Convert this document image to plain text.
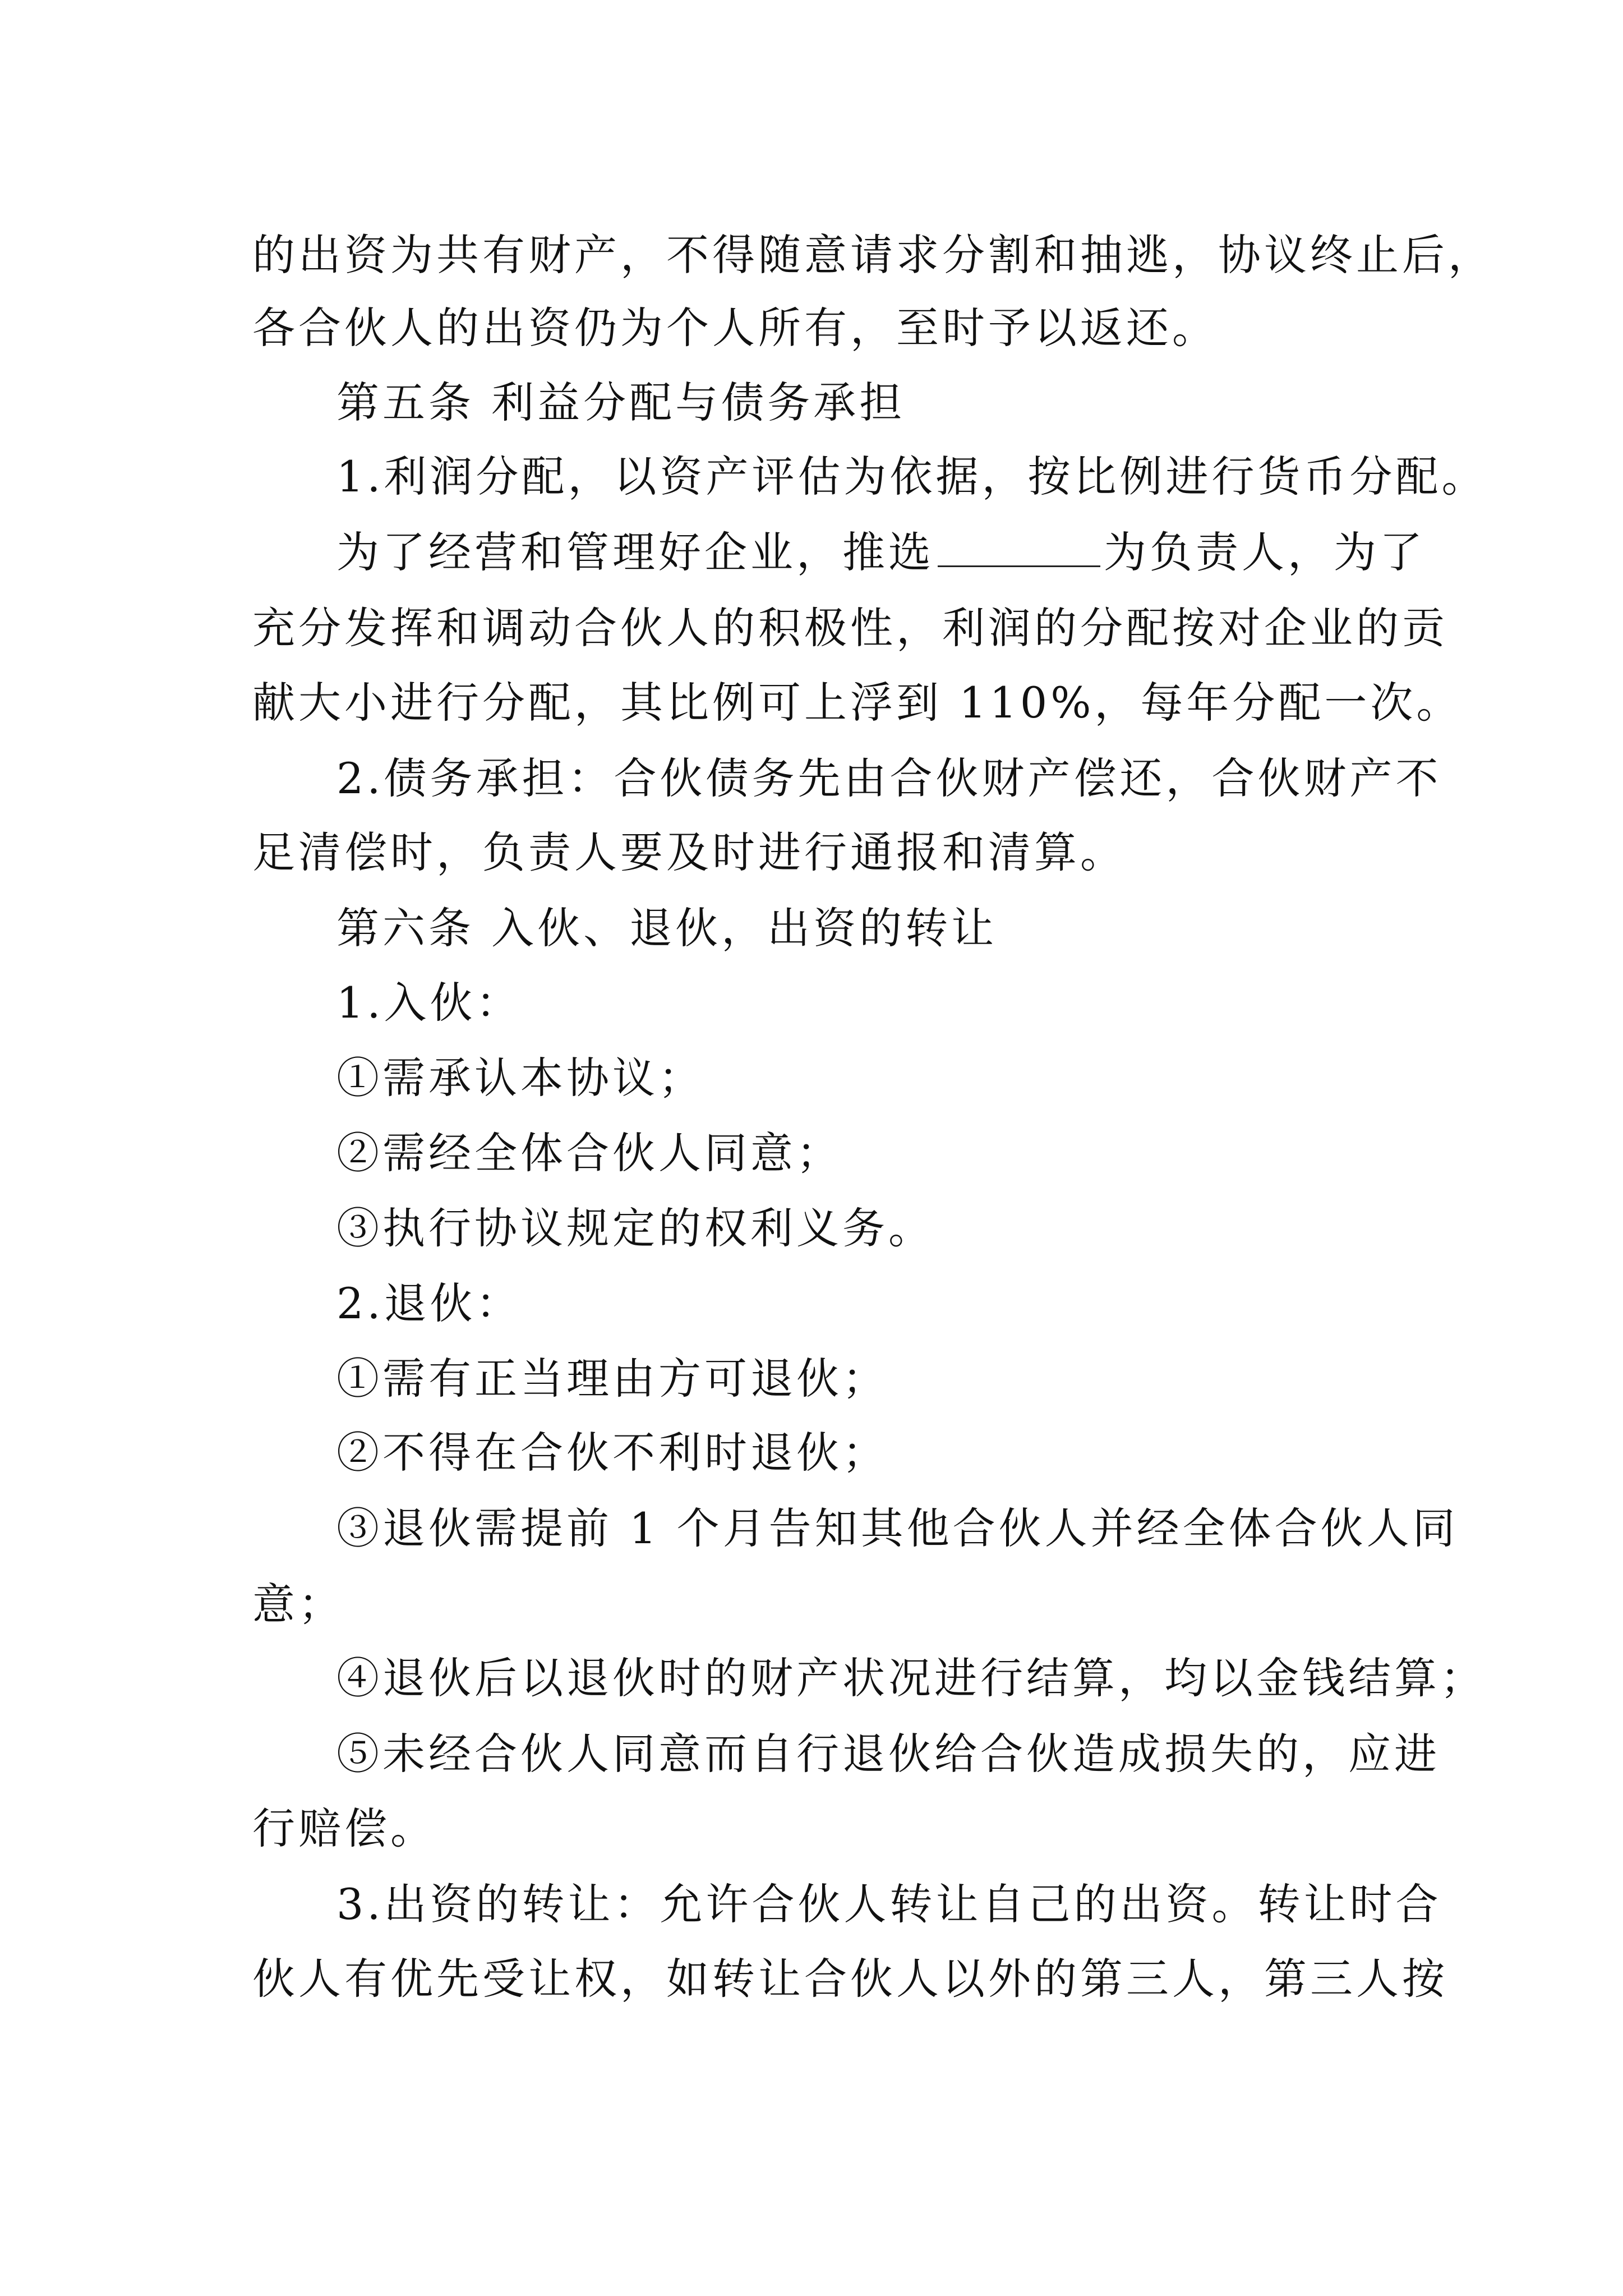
的出资为共有财产，不得随意请求分割和抽逃，协议终止后，
各合伙人的出资仍为个人所有，至时予以返还。
第五条 利益分配与债务承担
1.利润分配，以资产评估为依据，按比例进行货币分配。
为了经营和管理好企业，推选	为负责人，为了
充分发挥和调动合伙人的积极性，利润的分配按对企业的贡
献大小进行分配，其比例可上浮到 110%，每年分配一次。
2.债务承担：合伙债务先由合伙财产偿还，合伙财产不
足清偿时，负责人要及时进行通报和清算。
第六条 入伙、退伙，出资的转让
1.入伙：
①需承认本协议；
②需经全体合伙人同意；
③执行协议规定的权利义务。
2.退伙：
①需有正当理由方可退伙；
②不得在合伙不利时退伙；
③退伙需提前 1 个月告知其他合伙人并经全体合伙人同
意；
④退伙后以退伙时的财产状况进行结算，均以金钱结算；
⑤未经合伙人同意而自行退伙给合伙造成损失的，应进
行赔偿。
3.出资的转让：允许合伙人转让自己的出资。转让时合
伙人有优先受让权，如转让合伙人以外的第三人，第三人按
